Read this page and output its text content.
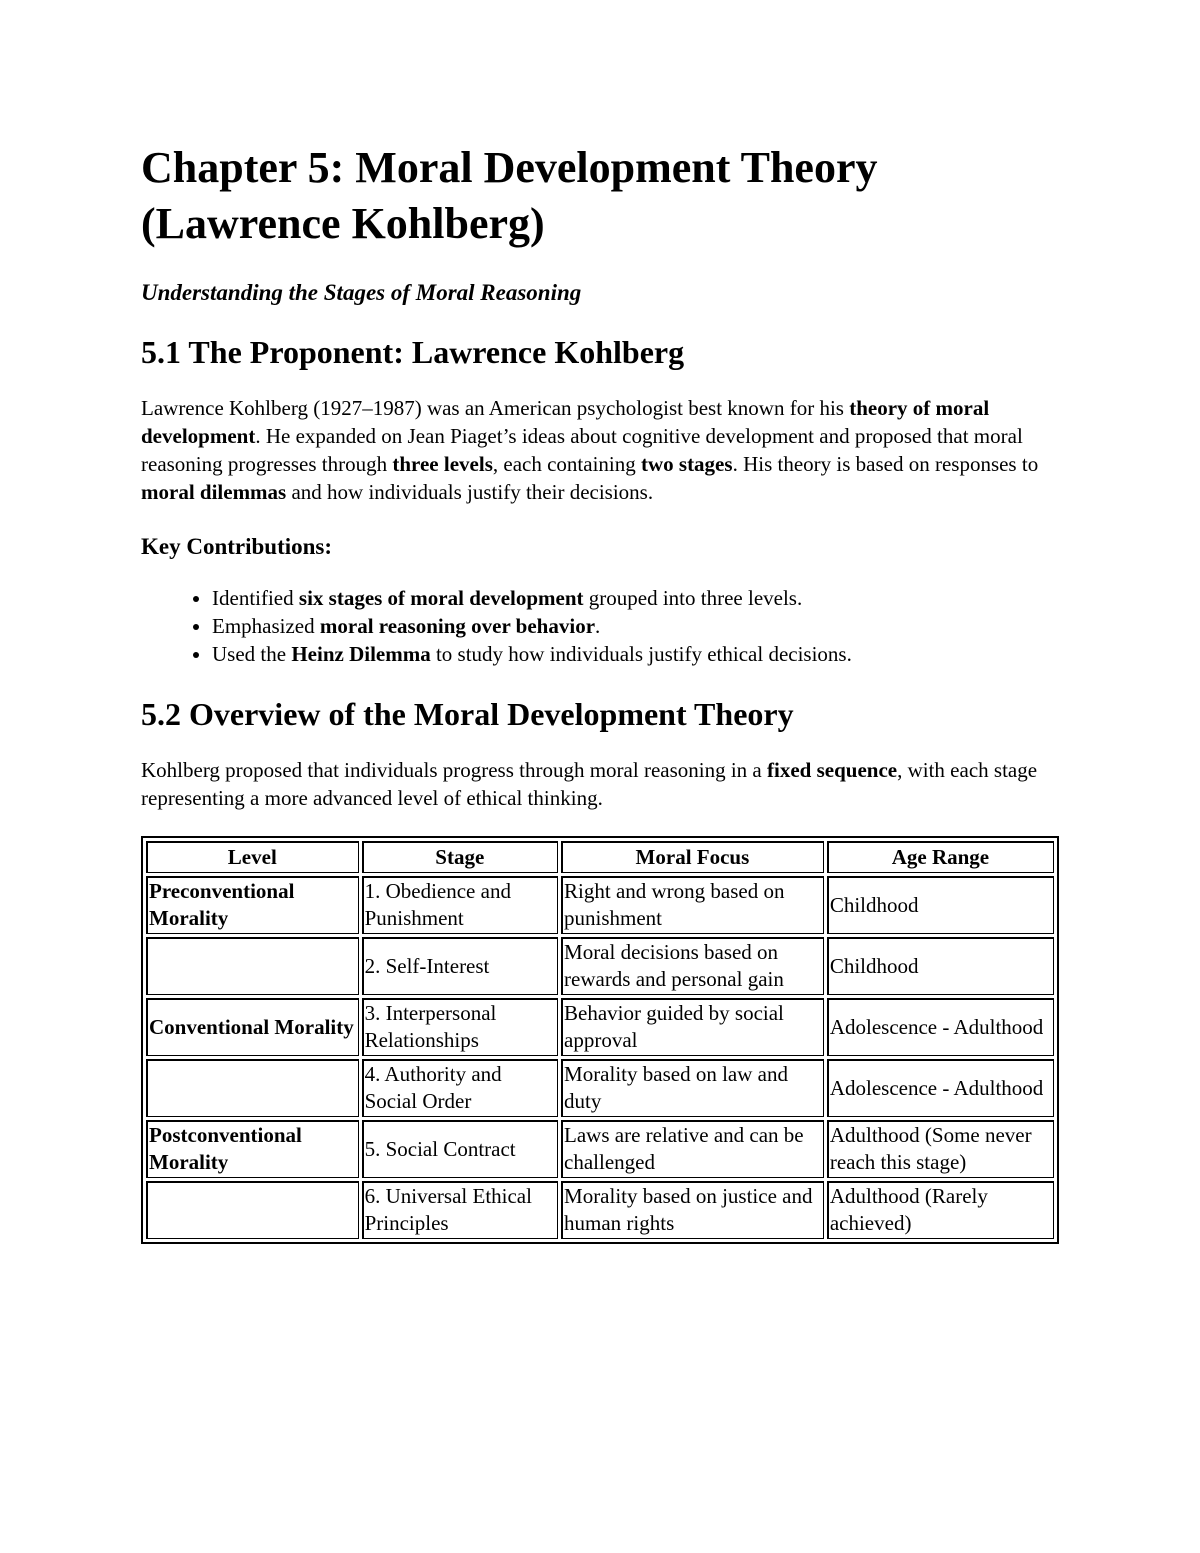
Chapter 5: Moral Development Theory
(Lawrence Kohlberg)
Understanding the Stages of Moral Reasoning
5.1 The Proponent: Lawrence Kohlberg

Lawrence Kohlberg (1927–1987) was an American psychologist best known for his theory of moral development. He expanded on Jean Piaget’s ideas about cognitive development and proposed that moral reasoning progresses through three levels, each containing two stages. His theory is based on responses to moral dilemmas and how individuals justify their decisions.

Key Contributions:
• Identified six stages of moral development grouped into three levels.
• Emphasized moral reasoning over behavior.
• Used the Heinz Dilemma to study how individuals justify ethical decisions.
5.2 Overview of the Moral Development Theory

Kohlberg proposed that individuals progress through moral reasoning in a fixed sequence, with each stage representing a more advanced level of ethical thinking.

Level	Stage	Moral Focus	Age Range
Preconventional Morality	1. Obedience and Punishment	Right and wrong based on punishment	Childhood
	2. Self-Interest	Moral decisions based on rewards and personal gain	Childhood
Conventional Morality	3. Interpersonal Relationships	Behavior guided by social approval	Adolescence - Adulthood
	4. Authority and Social Order	Morality based on law and duty	Adolescence - Adulthood
Postconventional Morality	5. Social Contract	Laws are relative and can be challenged	Adulthood (Some never reach this stage)
	6. Universal Ethical Principles	Morality based on justice and human rights	Adulthood (Rarely achieved)
